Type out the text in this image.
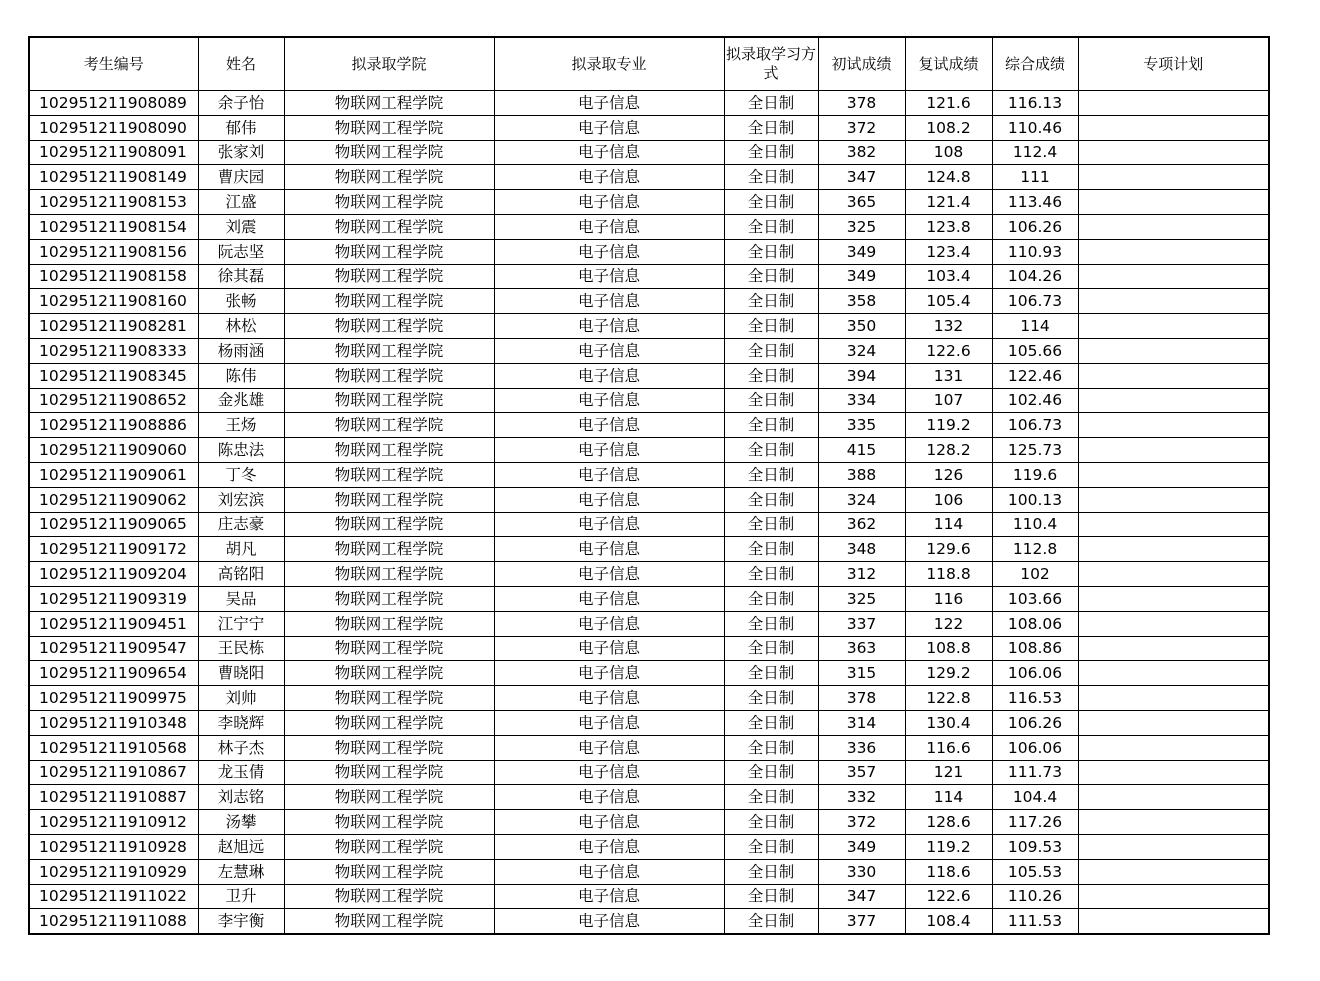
考生编号	姓名	拟录取学院	拟录取专业	拟录取学习方式	初试成绩	复试成绩	综合成绩	专项计划
102951211908089	余子怡	物联网工程学院	电子信息	全日制	378	121.6	116.13	
102951211908090	郁伟	物联网工程学院	电子信息	全日制	372	108.2	110.46	
102951211908091	张家刘	物联网工程学院	电子信息	全日制	382	108	112.4	
102951211908149	曹庆园	物联网工程学院	电子信息	全日制	347	124.8	111	
102951211908153	江盛	物联网工程学院	电子信息	全日制	365	121.4	113.46	
102951211908154	刘震	物联网工程学院	电子信息	全日制	325	123.8	106.26	
102951211908156	阮志坚	物联网工程学院	电子信息	全日制	349	123.4	110.93	
102951211908158	徐其磊	物联网工程学院	电子信息	全日制	349	103.4	104.26	
102951211908160	张畅	物联网工程学院	电子信息	全日制	358	105.4	106.73	
102951211908281	林松	物联网工程学院	电子信息	全日制	350	132	114	
102951211908333	杨雨涵	物联网工程学院	电子信息	全日制	324	122.6	105.66	
102951211908345	陈伟	物联网工程学院	电子信息	全日制	394	131	122.46	
102951211908652	金兆雄	物联网工程学院	电子信息	全日制	334	107	102.46	
102951211908886	王炀	物联网工程学院	电子信息	全日制	335	119.2	106.73	
102951211909060	陈忠法	物联网工程学院	电子信息	全日制	415	128.2	125.73	
102951211909061	丁冬	物联网工程学院	电子信息	全日制	388	126	119.6	
102951211909062	刘宏滨	物联网工程学院	电子信息	全日制	324	106	100.13	
102951211909065	庄志豪	物联网工程学院	电子信息	全日制	362	114	110.4	
102951211909172	胡凡	物联网工程学院	电子信息	全日制	348	129.6	112.8	
102951211909204	高铭阳	物联网工程学院	电子信息	全日制	312	118.8	102	
102951211909319	吴品	物联网工程学院	电子信息	全日制	325	116	103.66	
102951211909451	江宁宁	物联网工程学院	电子信息	全日制	337	122	108.06	
102951211909547	王民栋	物联网工程学院	电子信息	全日制	363	108.8	108.86	
102951211909654	曹晓阳	物联网工程学院	电子信息	全日制	315	129.2	106.06	
102951211909975	刘帅	物联网工程学院	电子信息	全日制	378	122.8	116.53	
102951211910348	李晓辉	物联网工程学院	电子信息	全日制	314	130.4	106.26	
102951211910568	林子杰	物联网工程学院	电子信息	全日制	336	116.6	106.06	
102951211910867	龙玉倩	物联网工程学院	电子信息	全日制	357	121	111.73	
102951211910887	刘志铭	物联网工程学院	电子信息	全日制	332	114	104.4	
102951211910912	汤攀	物联网工程学院	电子信息	全日制	372	128.6	117.26	
102951211910928	赵旭远	物联网工程学院	电子信息	全日制	349	119.2	109.53	
102951211910929	左慧琳	物联网工程学院	电子信息	全日制	330	118.6	105.53	
102951211911022	卫升	物联网工程学院	电子信息	全日制	347	122.6	110.26	
102951211911088	李宇衡	物联网工程学院	电子信息	全日制	377	108.4	111.53	
